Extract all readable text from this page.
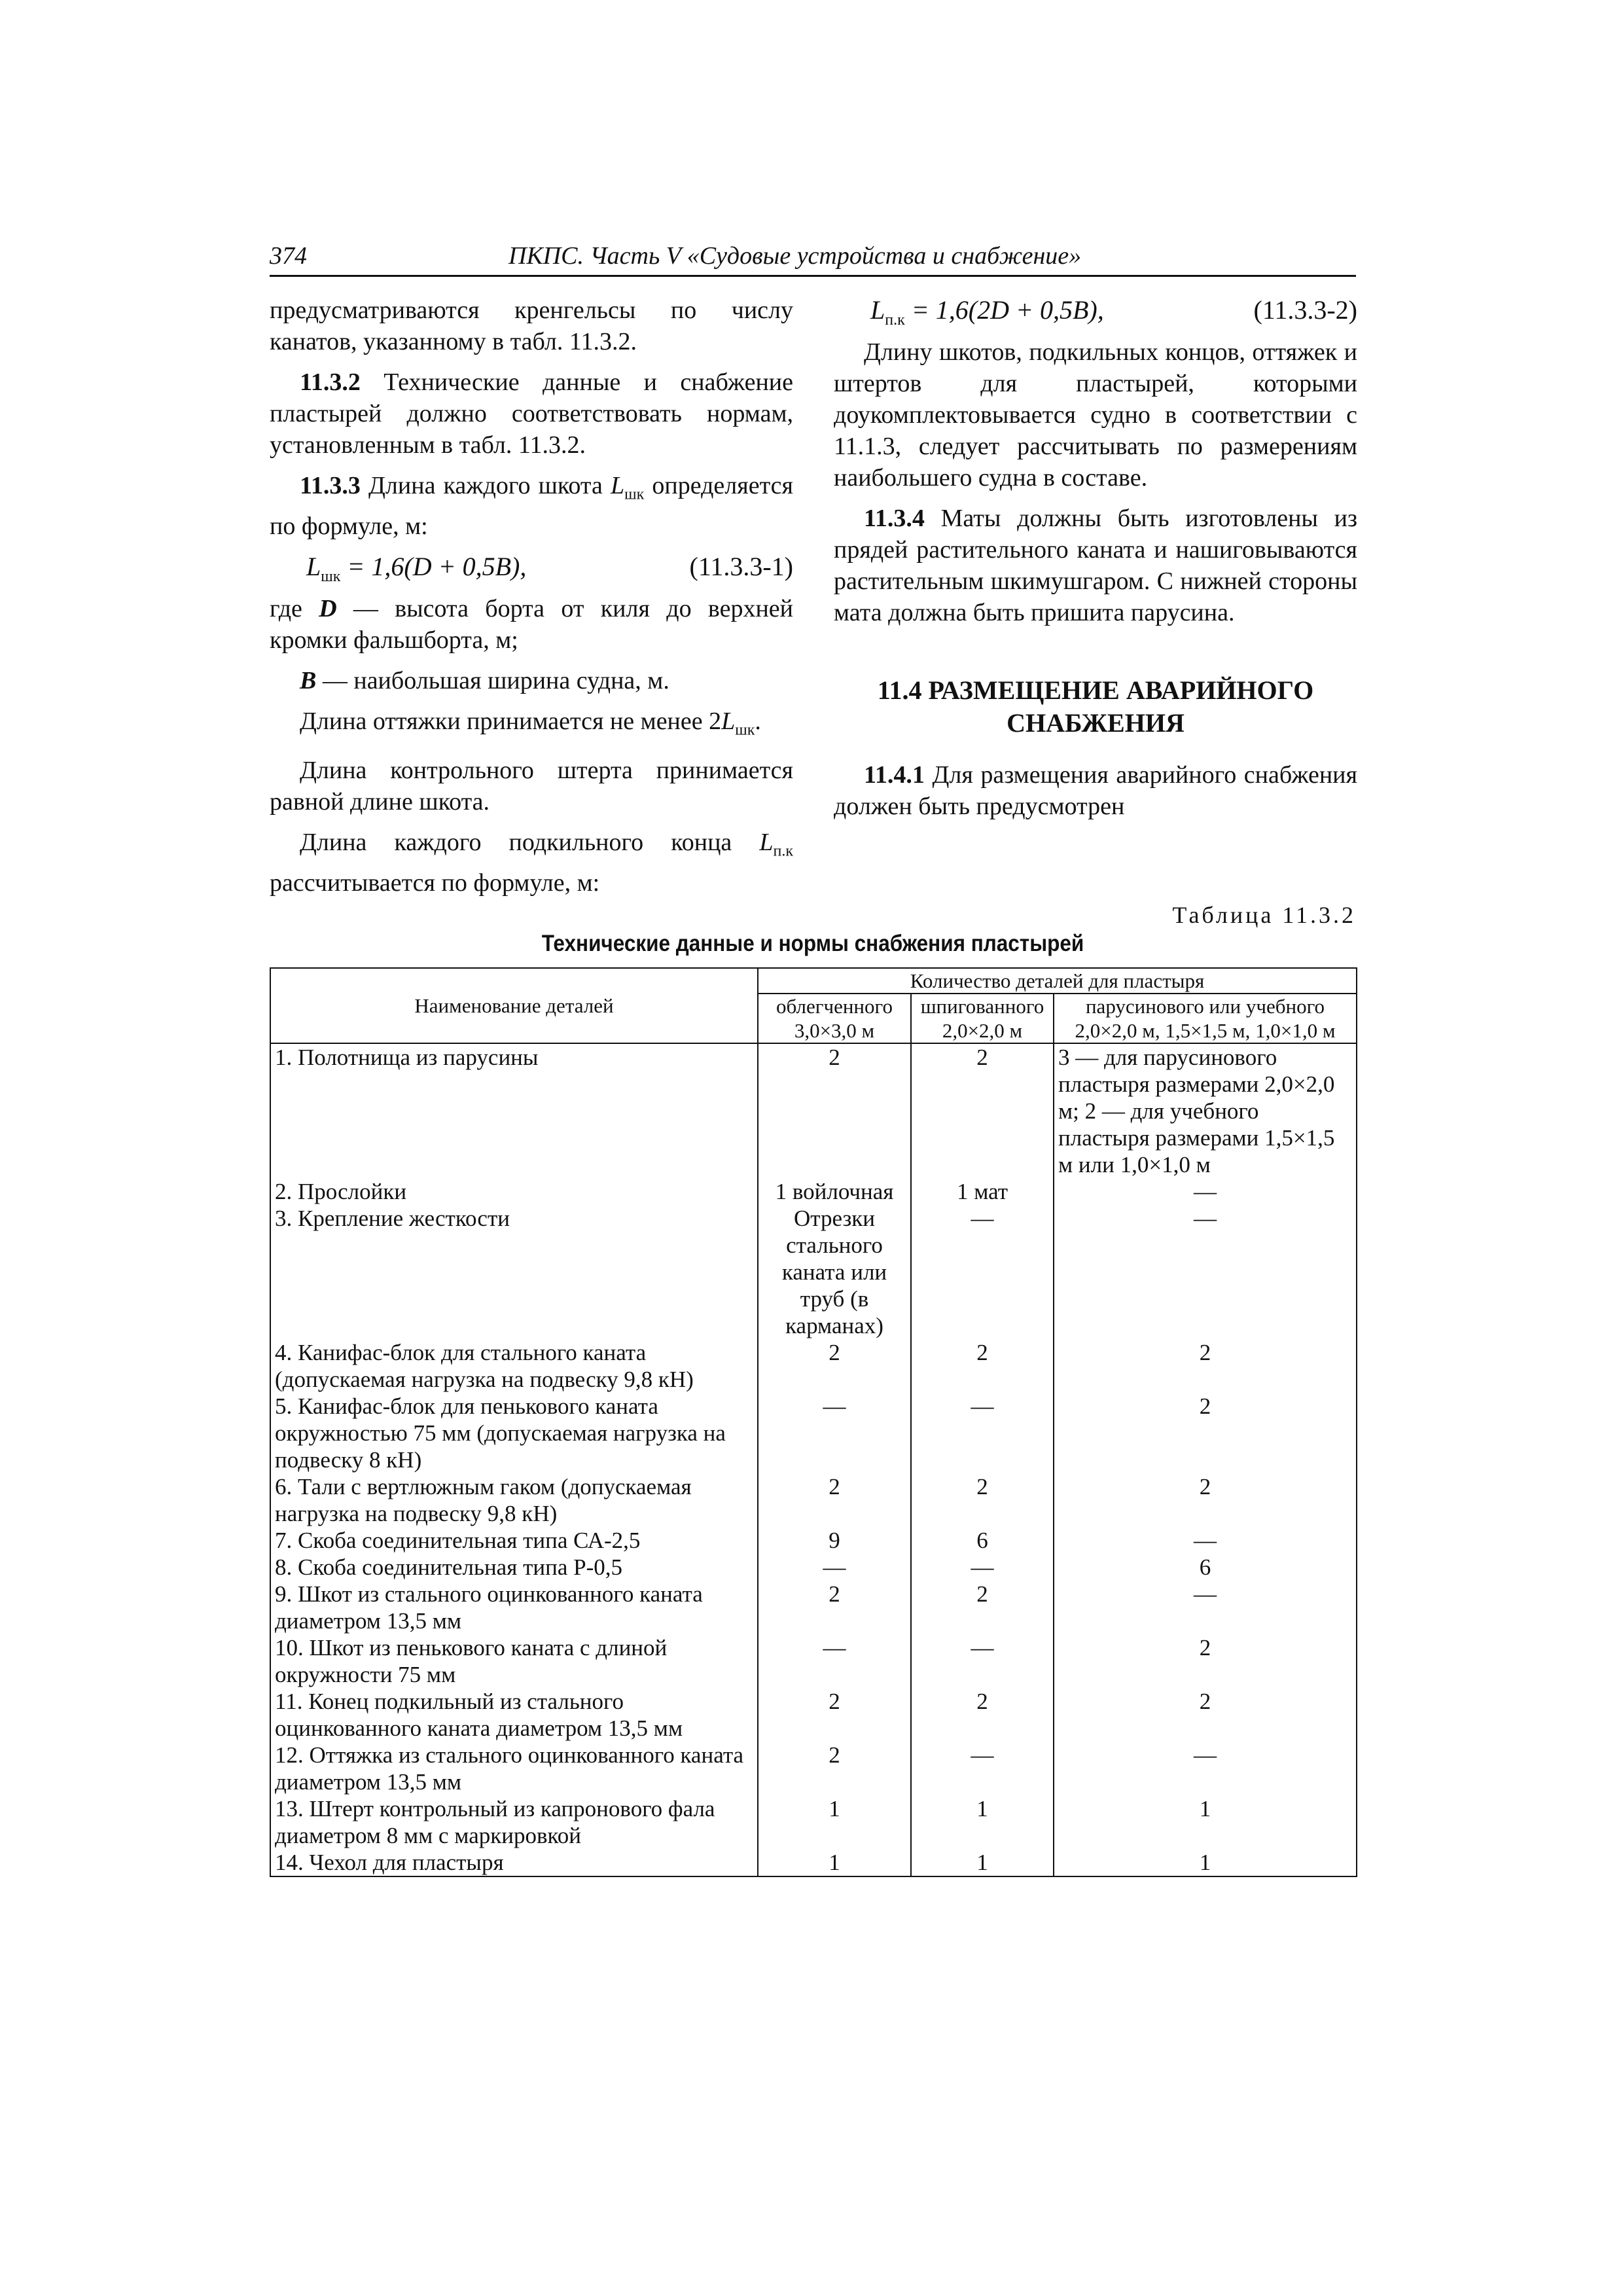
374	ПКПС. Часть V «Судовые устройства и снабжение»

предусматриваются кренгельсы по числу канатов, указанному в табл. 11.3.2.

11.3.2 Технические данные и снабжение пластырей должно соответствовать нормам, установленным в табл. 11.3.2.

11.3.3 Длина каждого шкота $L_{шк}$ определяется по формуле, м:

$L_{шк} = 1,6(D + 0,5B)$,	(11.3.3-1)

где D — высота борта от киля до верхней кромки фальшборта, м;

B — наибольшая ширина судна, м.

Длина оттяжки принимается не менее $2L_{шк}$.

Длина контрольного штерта принимается равной длине шкота.

Длина каждого подкильного конца $L_{п.к}$ рассчитывается по формуле, м:

$L_{п.к} = 1,6(2D + 0,5B)$,	(11.3.3-2)

Длину шкотов, подкильных концов, оттяжек и штертов для пластырей, которыми доукомплектовывается судно в соответствии с 11.1.3, следует рассчитывать по размерениям наибольшего судна в составе.

11.3.4 Маты должны быть изготовлены из прядей растительного каната и нашиговываются растительным шкимушгаром. С нижней стороны мата должна быть пришита парусина.

11.4 РАЗМЕЩЕНИЕ АВАРИЙНОГО СНАБЖЕНИЯ

11.4.1 Для размещения аварийного снабжения должен быть предусмотрен

Таблица 11.3.2
Технические данные и нормы снабжения пластырей
Наименование деталей	Количество деталей для пластыря		
	облегченного 3,0×3,0 м	шпигованного 2,0×2,0 м	парусинового или учебного 2,0×2,0 м, 1,5×1,5 м, 1,0×1,0 м
1. Полотнища из парусины	2	2	3 — для парусинового пластыря размерами 2,0×2,0 м; 2 — для учебного пластыря размерами 1,5×1,5 м или 1,0×1,0 м
2. Прослойки	1 войлочная	1 мат	—
3. Крепление жесткости	Отрезки стального каната или труб (в карманах)	—	—
4. Канифас-блок для стального каната (допускаемая нагрузка на подвеску 9,8 кН)	2	2	2
5. Канифас-блок для пенькового каната окружностью 75 мм (допускаемая нагрузка на подвеску 8 кН)	—	—	2
6. Тали с вертлюжным гаком (допускаемая нагрузка на подвеску 9,8 кН)	2	2	2
7. Скоба соединительная типа СА-2,5	9	6	—
8. Скоба соединительная типа Р-0,5	—	—	6
9. Шкот из стального оцинкованного каната диаметром 13,5 мм	2	2	—
10. Шкот из пенькового каната с длиной окружности 75 мм	—	—	2
11. Конец подкильный из стального оцинкованного каната диаметром 13,5 мм	2	2	2
12. Оттяжка из стального оцинкованного каната диаметром 13,5 мм	2	—	—
13. Штерт контрольный из капронового фала диаметром 8 мм с маркировкой	1	1	1
14. Чехол для пластыря	1	1	1
